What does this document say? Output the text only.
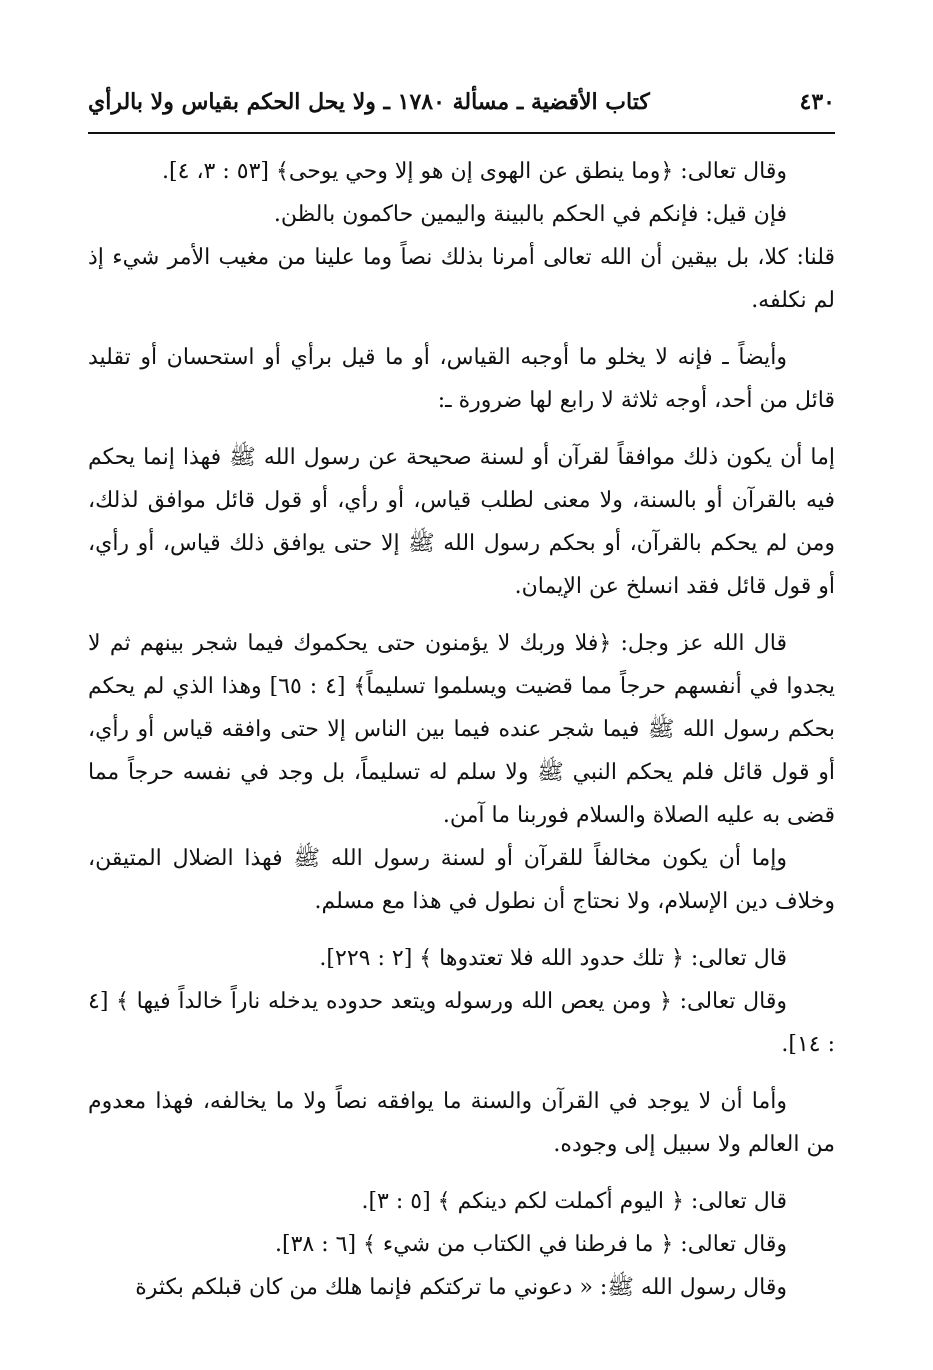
٤٣٠
كتاب الأقضية ـ مسألة ١٧٨٠ ـ ولا يحل الحكم بقياس ولا بالرأي

وقال تعالى: ﴿وما ينطق عن الهوى إن هو إلا وحي يوحى﴾ [٥٣ : ٣، ٤].

فإن قيل: فإنكم في الحكم بالبينة واليمين حاكمون بالظن.

قلنا: كلا، بل بيقين أن الله تعالى أمرنا بذلك نصاً وما علينا من مغيب الأمر شيء إذ لم نكلفه.

وأيضاً ـ فإنه لا يخلو ما أوجبه القياس، أو ما قيل برأي أو استحسان أو تقليد قائل من أحد، أوجه ثلاثة لا رابع لها ضرورة ـ:

إما أن يكون ذلك موافقاً لقرآن أو لسنة صحيحة عن رسول الله ﷺ فهذا إنما يحكم فيه بالقرآن أو بالسنة، ولا معنى لطلب قياس، أو رأي، أو قول قائل موافق لذلك، ومن لم يحكم بالقرآن، أو بحكم رسول الله ﷺ إلا حتى يوافق ذلك قياس، أو رأي، أو قول قائل فقد انسلخ عن الإيمان.

قال الله عز وجل: ﴿فلا وربك لا يؤمنون حتى يحكموك فيما شجر بينهم ثم لا يجدوا في أنفسهم حرجاً مما قضيت ويسلموا تسليماً﴾ [٤ : ٦٥] وهذا الذي لم يحكم بحكم رسول الله ﷺ فيما شجر عنده فيما بين الناس إلا حتى وافقه قياس أو رأي، أو قول قائل فلم يحكم النبي ﷺ ولا سلم له تسليماً، بل وجد في نفسه حرجاً مما قضى به عليه الصلاة والسلام فوربنا ما آمن.

وإما أن يكون مخالفاً للقرآن أو لسنة رسول الله ﷺ فهذا الضلال المتيقن، وخلاف دين الإسلام، ولا نحتاج أن نطول في هذا مع مسلم.

قال تعالى: ﴿ تلك حدود الله فلا تعتدوها ﴾ [٢ : ٢٢٩].

وقال تعالى: ﴿ ومن يعص الله ورسوله ويتعد حدوده يدخله ناراً خالداً فيها ﴾ [٤ : ١٤].

وأما أن لا يوجد في القرآن والسنة ما يوافقه نصاً ولا ما يخالفه، فهذا معدوم من العالم ولا سبيل إلى وجوده.

قال تعالى: ﴿ اليوم أكملت لكم دينكم ﴾ [٥ : ٣].

وقال تعالى: ﴿ ما فرطنا في الكتاب من شيء ﴾ [٦ : ٣٨].

وقال رسول الله ﷺ: « دعوني ما تركتكم فإنما هلك من كان قبلكم بكثرة
